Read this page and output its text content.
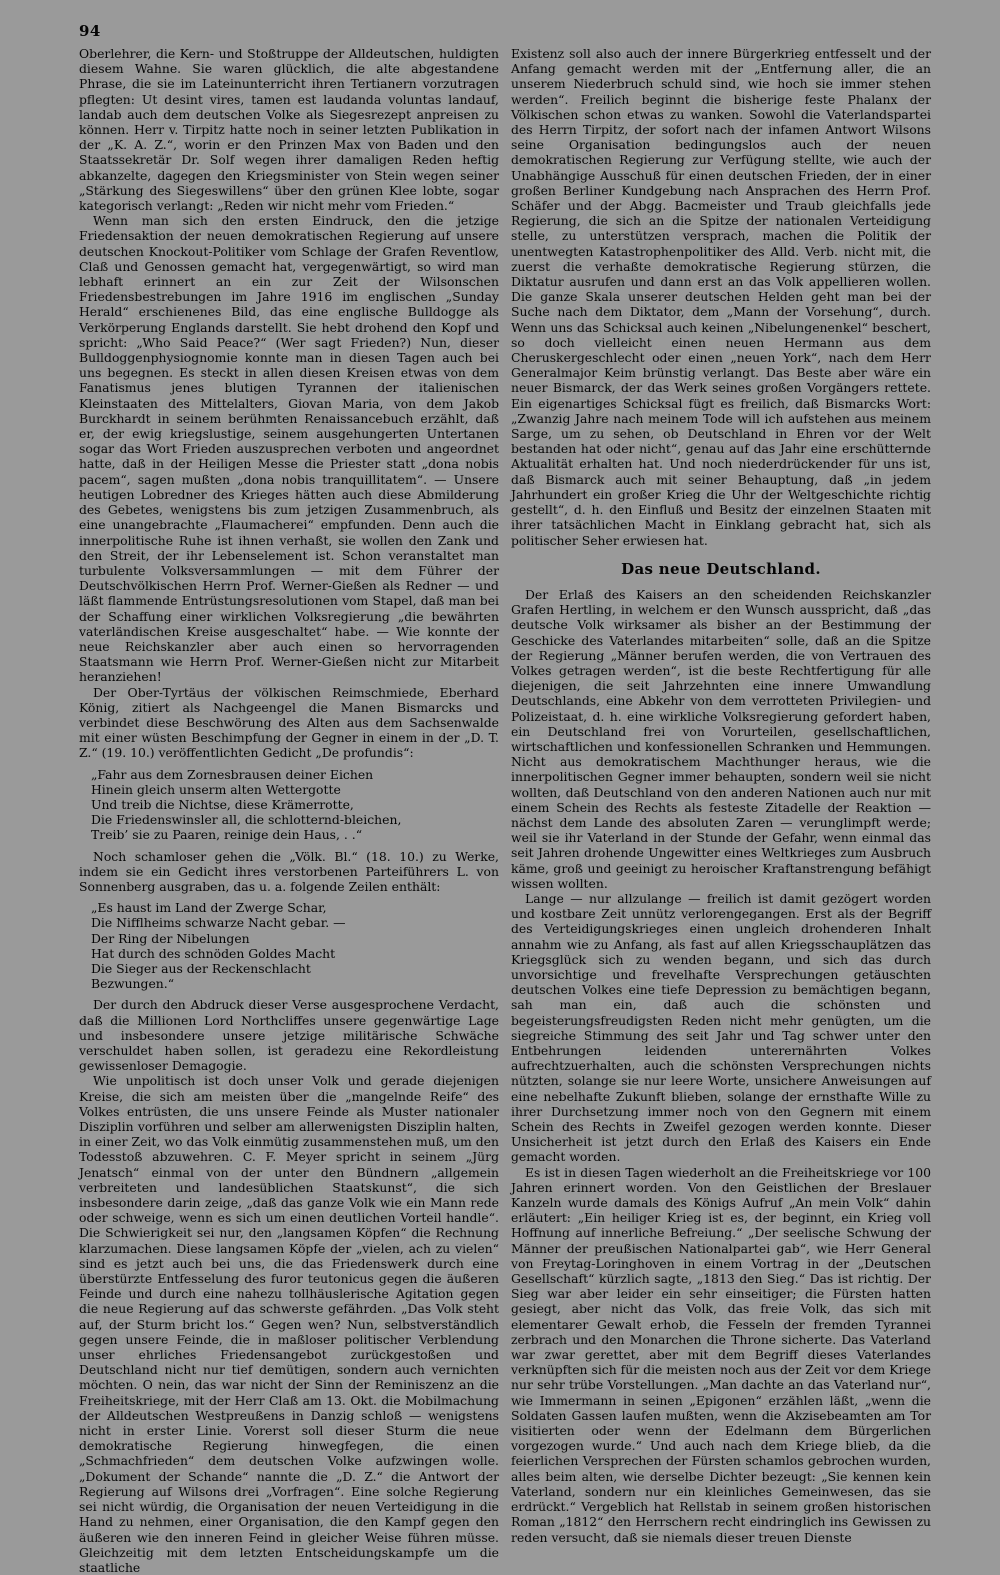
94

Oberlehrer, die Kern- und Stoßtruppe der Alldeutschen, huldigten diesem Wahne. Sie waren glücklich, die alte abgestandene Phrase, die sie im Lateinunterricht ihren Tertianern vorzutragen pflegten: Ut desint vires, tamen est laudanda voluntas landauf, landab auch dem deutschen Volke als Siegesrezept anpreisen zu können. Herr v. Tirpitz hatte noch in seiner letzten Publikation in der „K. A. Z.“, worin er den Prinzen Max von Baden und den Staatssekretär Dr. Solf wegen ihrer damaligen Reden heftig abkanzelte, dagegen den Kriegsminister von Stein wegen seiner „Stärkung des Siegeswillens“ über den grünen Klee lobte, sogar kategorisch verlangt: „Reden wir nicht mehr vom Frieden.“

Wenn man sich den ersten Eindruck, den die jetzige Friedensaktion der neuen demokratischen Regierung auf unsere deutschen Knockout-Politiker vom Schlage der Grafen Reventlow, Claß und Genossen gemacht hat, vergegenwärtigt, so wird man lebhaft erinnert an ein zur Zeit der Wilsonschen Friedensbestrebungen im Jahre 1916 im englischen „Sunday Herald“ erschienenes Bild, das eine englische Bulldogge als Verkörperung Englands darstellt. Sie hebt drohend den Kopf und spricht: „Who Said Peace?“ (Wer sagt Frieden?) Nun, dieser Bulldoggenphysiognomie konnte man in diesen Tagen auch bei uns begegnen. Es steckt in allen diesen Kreisen etwas von dem Fanatismus jenes blutigen Tyrannen der italienischen Kleinstaaten des Mittelalters, Giovan Maria, von dem Jakob Burckhardt in seinem berühmten Renaissancebuch erzählt, daß er, der ewig kriegslustige, seinem ausgehungerten Untertanen sogar das Wort Frieden auszusprechen verboten und angeordnet hatte, daß in der Heiligen Messe die Priester statt „dona nobis pacem“, sagen mußten „dona nobis tranquillitatem“. — Unsere heutigen Lobredner des Krieges hätten auch diese Abmilderung des Gebetes, wenigstens bis zum jetzigen Zusammenbruch, als eine unangebrachte „Flaumacherei“ empfunden. Denn auch die innerpolitische Ruhe ist ihnen verhaßt, sie wollen den Zank und den Streit, der ihr Lebenselement ist. Schon veranstaltet man turbulente Volksversammlungen — mit dem Führer der Deutschvölkischen Herrn Prof. Werner-Gießen als Redner — und läßt flammende Entrüstungsresolutionen vom Stapel, daß man bei der Schaffung einer wirklichen Volksregierung „die bewährten vaterländischen Kreise ausgeschaltet“ habe. — Wie konnte der neue Reichskanzler aber auch einen so hervorragenden Staatsmann wie Herrn Prof. Werner-Gießen nicht zur Mitarbeit heranziehen!

Der Ober-Tyrtäus der völkischen Reimschmiede, Eberhard König, zitiert als Nachgeengel die Manen Bismarcks und verbindet diese Beschwörung des Alten aus dem Sachsenwalde mit einer wüsten Beschimpfung der Gegner in einem in der „D. T. Z.“ (19. 10.) veröffentlichten Gedicht „De profundis“:

„Fahr aus dem Zornesbrausen deiner Eichen
Hinein gleich unserm alten Wettergotte
Und treib die Nichtse, diese Krämerrotte,
Die Friedenswinsler all, die schlotternd-bleichen,
Treib’ sie zu Paaren, reinige dein Haus, . .“

Noch schamloser gehen die „Völk. Bl.“ (18. 10.) zu Werke, indem sie ein Gedicht ihres verstorbenen Parteiführers L. von Sonnenberg ausgraben, das u. a. folgende Zeilen enthält:

„Es haust im Land der Zwerge Schar,
Die Nifflheims schwarze Nacht gebar. —
Der Ring der Nibelungen
Hat durch des schnöden Goldes Macht
Die Sieger aus der Reckenschlacht
Bezwungen.“

Der durch den Abdruck dieser Verse ausgesprochene Verdacht, daß die Millionen Lord Northcliffes unsere gegenwärtige Lage und insbesondere unsere jetzige militärische Schwäche verschuldet haben sollen, ist geradezu eine Rekordleistung gewissenloser Demagogie.

Wie unpolitisch ist doch unser Volk und gerade diejenigen Kreise, die sich am meisten über die „mangelnde Reife“ des Volkes entrüsten, die uns unsere Feinde als Muster nationaler Disziplin vorführen und selber am allerwenigsten Disziplin halten, in einer Zeit, wo das Volk einmütig zusammenstehen muß, um den Todesstoß abzuwehren. C. F. Meyer spricht in seinem „Jürg Jenatsch“ einmal von der unter den Bündnern „allgemein verbreiteten und landesüblichen Staatskunst“, die sich insbesondere darin zeige, „daß das ganze Volk wie ein Mann rede oder schweige, wenn es sich um einen deutlichen Vorteil handle“. Die Schwierigkeit sei nur, den „langsamen Köpfen“ die Rechnung klarzumachen. Diese langsamen Köpfe der „vielen, ach zu vielen“ sind es jetzt auch bei uns, die das Friedenswerk durch eine überstürzte Entfesselung des furor teutonicus gegen die äußeren Feinde und durch eine nahezu tollhäuslerische Agitation gegen die neue Regierung auf das schwerste gefährden. „Das Volk steht auf, der Sturm bricht los.“ Gegen wen? Nun, selbstverständlich gegen unsere Feinde, die in maßloser politischer Verblendung unser ehrliches Friedensangebot zurückgestoßen und Deutschland nicht nur tief demütigen, sondern auch vernichten möchten. O nein, das war nicht der Sinn der Reminiszenz an die Freiheitskriege, mit der Herr Claß am 13. Okt. die Mobilmachung der Alldeutschen Westpreußens in Danzig schloß — wenigstens nicht in erster Linie. Vorerst soll dieser Sturm die neue demokratische Regierung hinwegfegen, die einen „Schmachfrieden“ dem deutschen Volke aufzwingen wolle. „Dokument der Schande“ nannte die „D. Z.“ die Antwort der Regierung auf Wilsons drei „Vorfragen“. Eine solche Regierung sei nicht würdig, die Organisation der neuen Verteidigung in die Hand zu nehmen, einer Organisation, die den Kampf gegen den äußeren wie den inneren Feind in gleicher Weise führen müsse. Gleichzeitig mit dem letzten Entscheidungskampfe um die staatliche

Existenz soll also auch der innere Bürgerkrieg entfesselt und der Anfang gemacht werden mit der „Entfernung aller, die an unserem Niederbruch schuld sind, wie hoch sie immer stehen werden“. Freilich beginnt die bisherige feste Phalanx der Völkischen schon etwas zu wanken. Sowohl die Vaterlandspartei des Herrn Tirpitz, der sofort nach der infamen Antwort Wilsons seine Organisation bedingungslos auch der neuen demokratischen Regierung zur Verfügung stellte, wie auch der Unabhängige Ausschuß für einen deutschen Frieden, der in einer großen Berliner Kundgebung nach Ansprachen des Herrn Prof. Schäfer und der Abgg. Bacmeister und Traub gleichfalls jede Regierung, die sich an die Spitze der nationalen Verteidigung stelle, zu unterstützen versprach, machen die Politik der unentwegten Katastrophenpolitiker des Alld. Verb. nicht mit, die zuerst die verhaßte demokratische Regierung stürzen, die Diktatur ausrufen und dann erst an das Volk appellieren wollen. Die ganze Skala unserer deutschen Helden geht man bei der Suche nach dem Diktator, dem „Mann der Vorsehung“, durch. Wenn uns das Schicksal auch keinen „Nibelungenenkel“ beschert, so doch vielleicht einen neuen Hermann aus dem Cheruskergeschlecht oder einen „neuen York“, nach dem Herr Generalmajor Keim brünstig verlangt. Das Beste aber wäre ein neuer Bismarck, der das Werk seines großen Vorgängers rettete. Ein eigenartiges Schicksal fügt es freilich, daß Bismarcks Wort: „Zwanzig Jahre nach meinem Tode will ich aufstehen aus meinem Sarge, um zu sehen, ob Deutschland in Ehren vor der Welt bestanden hat oder nicht“, genau auf das Jahr eine erschütternde Aktualität erhalten hat. Und noch niederdrückender für uns ist, daß Bismarck auch mit seiner Behauptung, daß „in jedem Jahrhundert ein großer Krieg die Uhr der Weltgeschichte richtig gestellt“, d. h. den Einfluß und Besitz der einzelnen Staaten mit ihrer tatsächlichen Macht in Einklang gebracht hat, sich als politischer Seher erwiesen hat.

Das neue Deutschland.

Der Erlaß des Kaisers an den scheidenden Reichskanzler Grafen Hertling, in welchem er den Wunsch ausspricht, daß „das deutsche Volk wirksamer als bisher an der Bestimmung der Geschicke des Vaterlandes mitarbeiten“ solle, daß an die Spitze der Regierung „Männer berufen werden, die von Vertrauen des Volkes getragen werden“, ist die beste Rechtfertigung für alle diejenigen, die seit Jahrzehnten eine innere Umwandlung Deutschlands, eine Abkehr von dem verrotteten Privilegien- und Polizeistaat, d. h. eine wirkliche Volksregierung gefordert haben, ein Deutschland frei von Vorurteilen, gesellschaftlichen, wirtschaftlichen und konfessionellen Schranken und Hemmungen. Nicht aus demokratischem Machthunger heraus, wie die innerpolitischen Gegner immer behaupten, sondern weil sie nicht wollten, daß Deutschland von den anderen Nationen auch nur mit einem Schein des Rechts als festeste Zitadelle der Reaktion — nächst dem Lande des absoluten Zaren — verunglimpft werde; weil sie ihr Vaterland in der Stunde der Gefahr, wenn einmal das seit Jahren drohende Ungewitter eines Weltkrieges zum Ausbruch käme, groß und geeinigt zu heroischer Kraftanstrengung befähigt wissen wollten.

Lange — nur allzulange — freilich ist damit gezögert worden und kostbare Zeit unnütz verlorengegangen. Erst als der Begriff des Verteidigungskrieges einen ungleich drohenderen Inhalt annahm wie zu Anfang, als fast auf allen Kriegsschauplätzen das Kriegsglück sich zu wenden begann, und sich das durch unvorsichtige und frevelhafte Versprechungen getäuschten deutschen Volkes eine tiefe Depression zu bemächtigen begann, sah man ein, daß auch die schönsten und begeisterungsfreudigsten Reden nicht mehr genügten, um die siegreiche Stimmung des seit Jahr und Tag schwer unter den Entbehrungen leidenden unterernährten Volkes aufrechtzuerhalten, auch die schönsten Versprechungen nichts nützten, solange sie nur leere Worte, unsichere Anweisungen auf eine nebelhafte Zukunft blieben, solange der ernsthafte Wille zu ihrer Durchsetzung immer noch von den Gegnern mit einem Schein des Rechts in Zweifel gezogen werden konnte. Dieser Unsicherheit ist jetzt durch den Erlaß des Kaisers ein Ende gemacht worden.

Es ist in diesen Tagen wiederholt an die Freiheitskriege vor 100 Jahren erinnert worden. Von den Geistlichen der Breslauer Kanzeln wurde damals des Königs Aufruf „An mein Volk“ dahin erläutert: „Ein heiliger Krieg ist es, der beginnt, ein Krieg voll Hoffnung auf innerliche Befreiung.“ „Der seelische Schwung der Männer der preußischen Nationalpartei gab“, wie Herr General von Freytag-Loringhoven in einem Vortrag in der „Deutschen Gesellschaft“ kürzlich sagte, „1813 den Sieg.“ Das ist richtig. Der Sieg war aber leider ein sehr einseitiger; die Fürsten hatten gesiegt, aber nicht das Volk, das freie Volk, das sich mit elementarer Gewalt erhob, die Fesseln der fremden Tyrannei zerbrach und den Monarchen die Throne sicherte. Das Vaterland war zwar gerettet, aber mit dem Begriff dieses Vaterlandes verknüpften sich für die meisten noch aus der Zeit vor dem Kriege nur sehr trübe Vorstellungen. „Man dachte an das Vaterland nur“, wie Immermann in seinen „Epigonen“ erzählen läßt, „wenn die Soldaten Gassen laufen mußten, wenn die Akzisebeamten am Tor visitierten oder wenn der Edelmann dem Bürgerlichen vorgezogen wurde.“ Und auch nach dem Kriege blieb, da die feierlichen Versprechen der Fürsten schamlos gebrochen wurden, alles beim alten, wie derselbe Dichter bezeugt: „Sie kennen kein Vaterland, sondern nur ein kleinliches Gemeinwesen, das sie erdrückt.“ Vergeblich hat Rellstab in seinem großen historischen Roman „1812“ den Herrschern recht eindringlich ins Gewissen zu reden versucht, daß sie niemals dieser treuen Dienste
